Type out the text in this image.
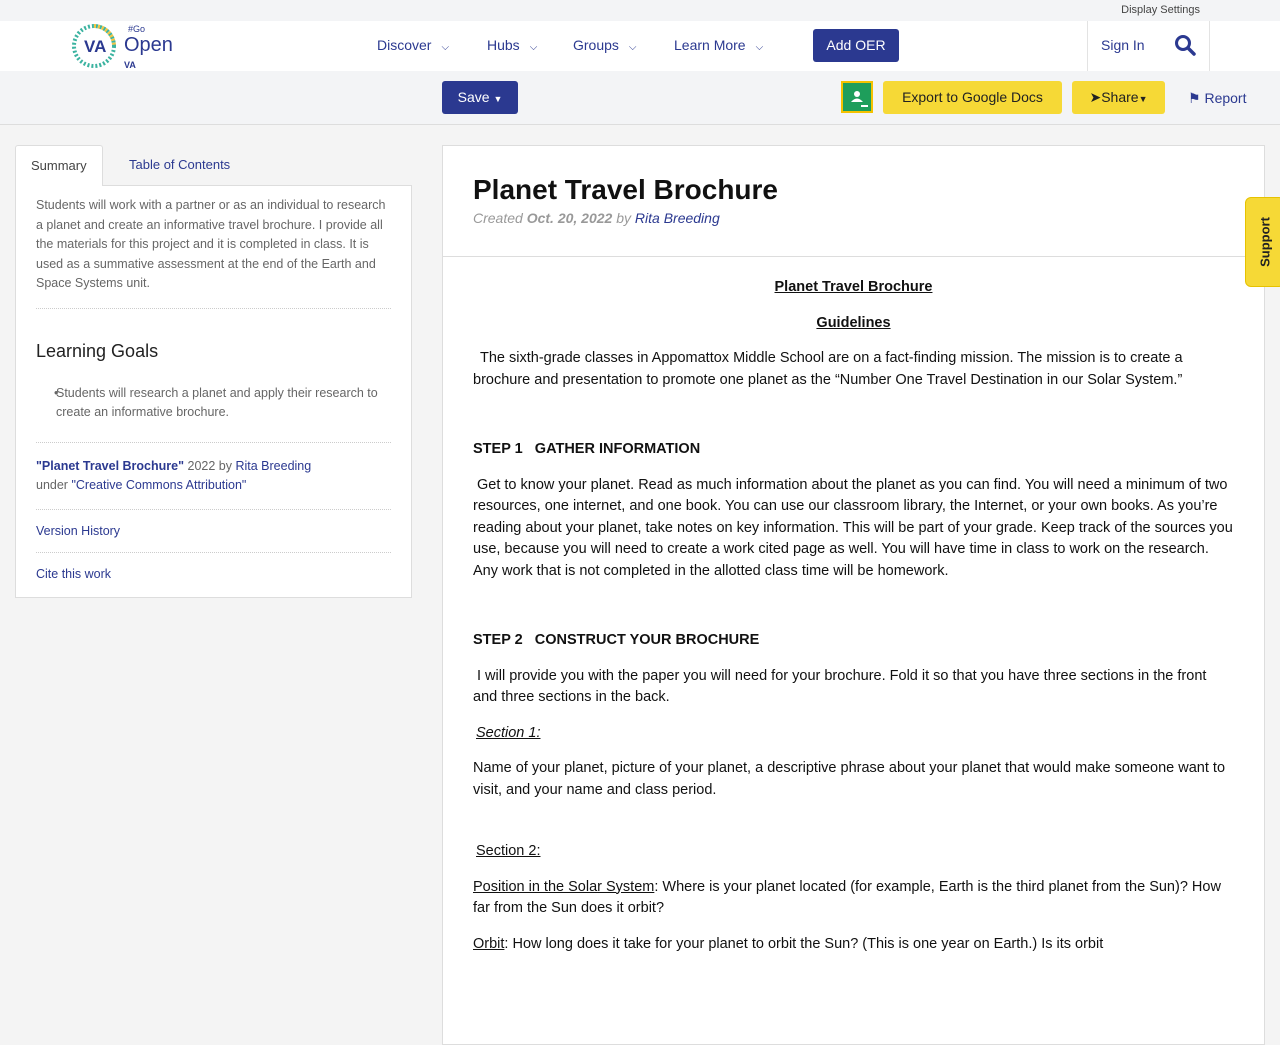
Display Settings
VA
#Go
Open
VA
Discover ⌵	Hubs ⌵	Groups ⌵	Learn More ⌵	Add OER	Sign In
Save ▼	Export to Google Docs	➤Share▼	⚑ Report
Summary	Table of Contents
Students will work with a partner or as an individual to research a planet and create an informative travel brochure. I provide all the materials for this project and it is completed in class. It is used as a summative assessment at the end of the Earth and Space Systems unit.
Learning Goals
• Students will research a planet and apply their research to create an informative brochure.
"Planet Travel Brochure" 2022 by Rita Breeding
under "Creative Commons Attribution"
Version History
Cite this work
Planet Travel Brochure
Created Oct. 20, 2022 by Rita Breeding
Planet Travel Brochure
Guidelines

The sixth-grade classes in Appomattox Middle School are on a fact-finding mission. The mission is to create a brochure and presentation to promote one planet as the “Number One Travel Destination in our Solar System.”

STEP 1   GATHER INFORMATION

Get to know your planet. Read as much information about the planet as you can find. You will need a minimum of two resources, one internet, and one book. You can use our classroom library, the Internet, or your own books. As you’re reading about your planet, take notes on key information. This will be part of your grade. Keep track of the sources you use, because you will need to create a work cited page as well. You will have time in class to work on the research. Any work that is not completed in the allotted class time will be homework.

STEP 2   CONSTRUCT YOUR BROCHURE

I will provide you with the paper you will need for your brochure. Fold it so that you have three sections in the front and three sections in the back.

Section 1:

Name of your planet, picture of your planet, a descriptive phrase about your planet that would make someone want to visit, and your name and class period.

Section 2:

Position in the Solar System: Where is your planet located (for example, Earth is the third planet from the Sun)? How far from the Sun does it orbit?

Orbit: How long does it take for your planet to orbit the Sun? (This is one year on Earth.) Is its orbit

Support
